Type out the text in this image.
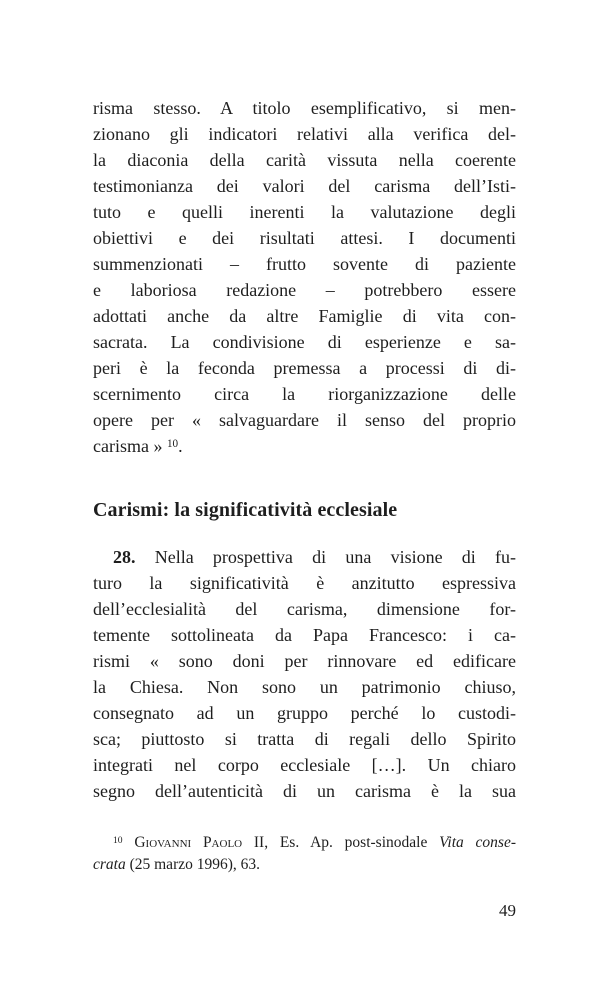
risma stesso. A titolo esemplificativo, si men-
zionano gli indicatori relativi alla verifica del-
la diaconia della carità vissuta nella coerente
testimonianza dei valori del carisma dell’Isti-
tuto e quelli inerenti la valutazione degli
obiettivi e dei risultati attesi. I documenti
summenzionati – frutto sovente di paziente
e laboriosa redazione – potrebbero essere
adottati anche da altre Famiglie di vita con-
sacrata. La condivisione di esperienze e sa-
peri è la feconda premessa a processi di di-
scernimento circa la riorganizzazione delle
opere per « salvaguardare il senso del proprio
carisma » $^{10}$.
Carismi: la significatività ecclesiale
28. Nella prospettiva di una visione di fu-
turo la significatività è anzitutto espressiva
dell’ecclesialità del carisma, dimensione for-
temente sottolineata da Papa Francesco: i ca-
rismi « sono doni per rinnovare ed edificare
la Chiesa. Non sono un patrimonio chiuso,
consegnato ad un gruppo perché lo custodi-
sca; piuttosto si tratta di regali dello Spirito
integrati nel corpo ecclesiale […]. Un chiaro
segno dell’autenticità di un carisma è la sua
$^{10}$ Giovanni Paolo II, Es. Ap. post-sinodale Vita conse-
crata (25 marzo 1996), 63.
49
